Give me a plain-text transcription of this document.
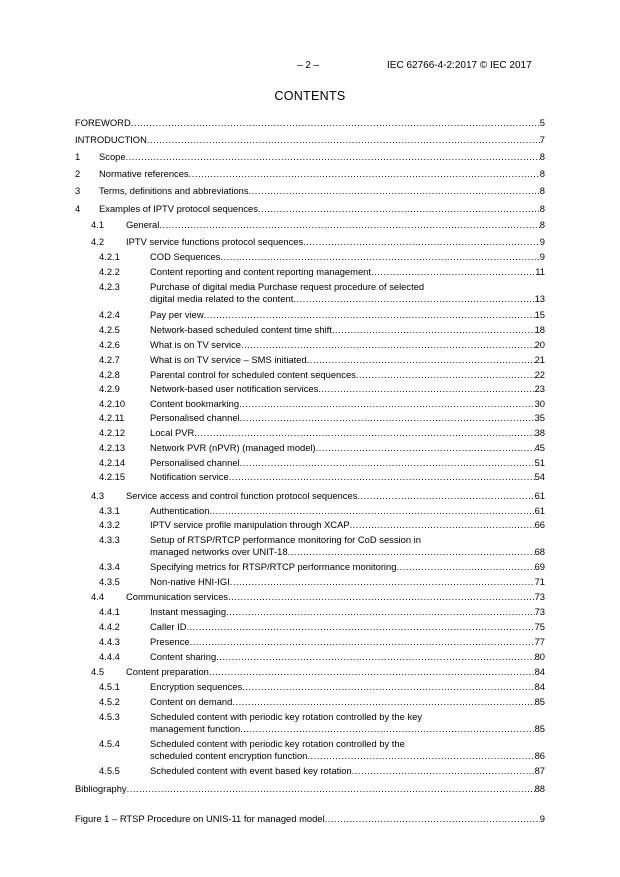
– 2 –	IEC 62766-4-2:2017 © IEC 2017
CONTENTS
FOREWORD .....	5
INTRODUCTION .....	7
1 Scope .....	8
2 Normative references .....	8
3 Terms, definitions and abbreviations .....	8
4 Examples of IPTV protocol sequences .....	8
4.1 General .....	8
4.2 IPTV service functions protocol sequences .....	9
4.2.1	COD Sequences .....	9
4.2.2	Content reporting and content reporting management .....	11
4.2.3	Purchase of digital media Purchase request procedure of selected
digital media related to the content .....	13
4.2.4	Pay per view .....	15
4.2.5	Network-based scheduled content time shift .....	18
4.2.6	What is on TV service .....	20
4.2.7	What is on TV service – SMS initiated .....	21
4.2.8	Parental control for scheduled content sequences .....	22
4.2.9	Network-based user notification services .....	23
4.2.10	Content bookmarking .....	30
4.2.11	Personalised channel .....	35
4.2.12	Local PVR .....	38
4.2.13	Network PVR (nPVR) (managed model) .....	45
4.2.14	Personalised channel .....	51
4.2.15	Notification service .....	54
4.3 Service access and control function protocol sequences .....	61
4.3.1	Authentication .....	61
4.3.2	IPTV service profile manipulation through XCAP .....	66
4.3.3	Setup of RTSP/RTCP performance monitoring for CoD session in
managed networks over UNIT-18 .....	68
4.3.4	Specifying metrics for RTSP/RTCP performance monitoring .....	69
4.3.5	Non-native HNI-IGI .....	71
4.4 Communication services .....	73
4.4.1	Instant messaging .....	73
4.4.2	Caller ID .....	75
4.4.3	Presence .....	77
4.4.4	Content sharing .....	80
4.5 Content preparation .....	84
4.5.1	Encryption sequences .....	84
4.5.2	Content on demand .....	85
4.5.3	Scheduled content with periodic key rotation controlled by the key
management function .....	85
4.5.4	Scheduled content with periodic key rotation controlled by the
scheduled content encryption function .....	86
4.5.5	Scheduled content with event based key rotation .....	87
Bibliography .....	88
Figure 1 – RTSP Procedure on UNIS-11 for managed model .....	9
